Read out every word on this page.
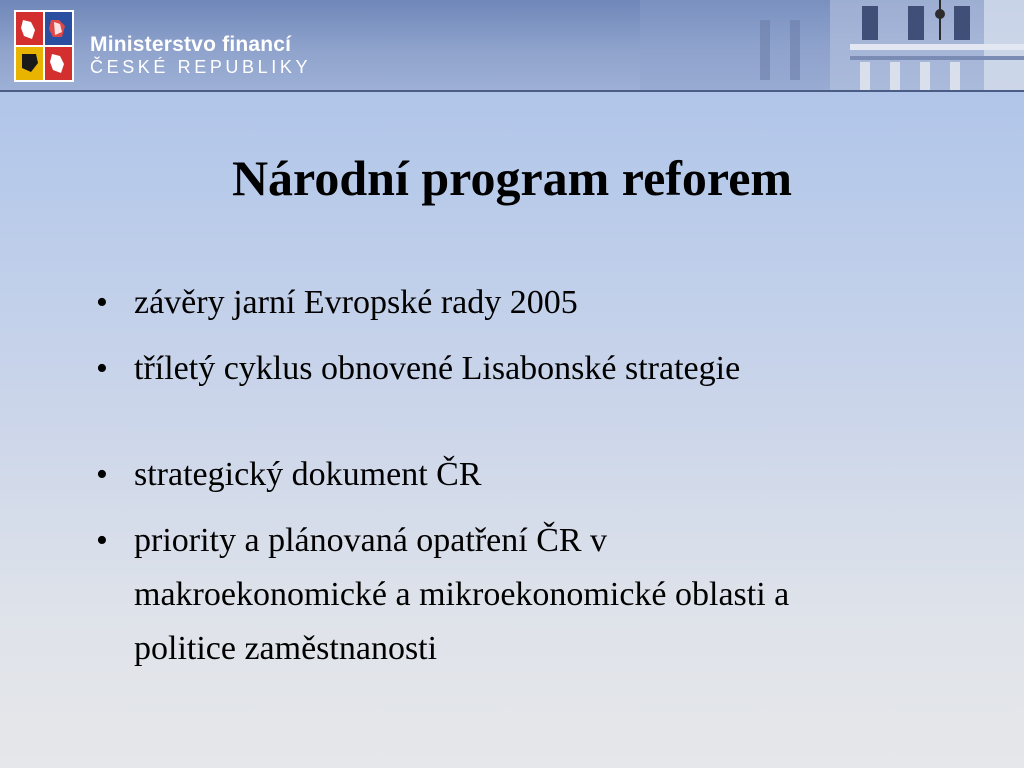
Ministerstvo financí
ČESKÉ REPUBLIKY
Národní program reforem
• závěry jarní Evropské rady 2005
• tříletý cyklus obnovené Lisabonské strategie
• strategický dokument ČR
• priority a plánovaná opatření ČR v makroekonomické a mikroekonomické oblasti a politice zaměstnanosti
